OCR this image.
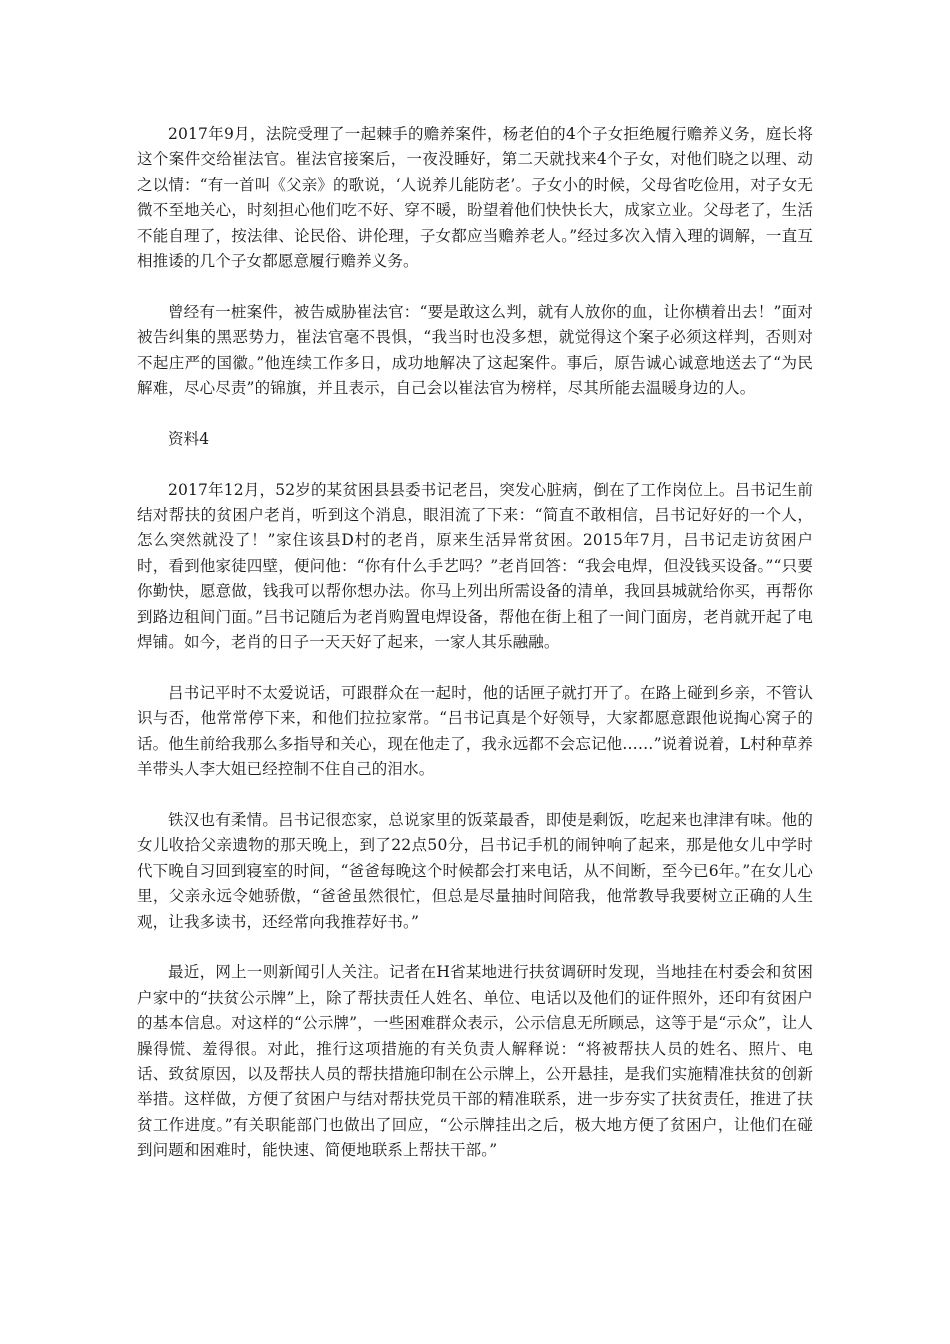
2017年9月，法院受理了一起棘手的赡养案件，杨老伯的4个子女拒绝履行赡养义务，庭长将这个案件交给崔法官。崔法官接案后，一夜没睡好，第二天就找来4个子女，对他们晓之以理、动之以情：“有一首叫《父亲》的歌说，‘人说养儿能防老’。子女小的时候，父母省吃俭用，对子女无微不至地关心，时刻担心他们吃不好、穿不暖，盼望着他们快快长大，成家立业。父母老了，生活不能自理了，按法律、论民俗、讲伦理，子女都应当赡养老人。”经过多次入情入理的调解，一直互相推诿的几个子女都愿意履行赡养义务。

曾经有一桩案件，被告威胁崔法官：“要是敢这么判，就有人放你的血，让你横着出去！”面对被告纠集的黑恶势力，崔法官毫不畏惧，“我当时也没多想，就觉得这个案子必须这样判，否则对不起庄严的国徽。”他连续工作多日，成功地解决了这起案件。事后，原告诚心诚意地送去了“为民解难，尽心尽责”的锦旗，并且表示，自己会以崔法官为榜样，尽其所能去温暖身边的人。

资料4

2017年12月，52岁的某贫困县县委书记老吕，突发心脏病，倒在了工作岗位上。吕书记生前结对帮扶的贫困户老肖，听到这个消息，眼泪流了下来：“简直不敢相信，吕书记好好的一个人，怎么突然就没了！”家住该县D村的老肖，原来生活异常贫困。2015年7月，吕书记走访贫困户时，看到他家徒四壁，便问他：“你有什么手艺吗？”老肖回答：“我会电焊，但没钱买设备。”“只要你勤快，愿意做，钱我可以帮你想办法。你马上列出所需设备的清单，我回县城就给你买，再帮你到路边租间门面。”吕书记随后为老肖购置电焊设备，帮他在街上租了一间门面房，老肖就开起了电焊铺。如今，老肖的日子一天天好了起来，一家人其乐融融。

吕书记平时不太爱说话，可跟群众在一起时，他的话匣子就打开了。在路上碰到乡亲，不管认识与否，他常常停下来，和他们拉拉家常。“吕书记真是个好领导，大家都愿意跟他说掏心窝子的话。他生前给我那么多指导和关心，现在他走了，我永远都不会忘记他……”说着说着，L村种草养羊带头人李大姐已经控制不住自己的泪水。

铁汉也有柔情。吕书记很恋家，总说家里的饭菜最香，即使是剩饭，吃起来也津津有味。他的女儿收拾父亲遗物的那天晚上，到了22点50分，吕书记手机的闹钟响了起来，那是他女儿中学时代下晚自习回到寝室的时间，“爸爸每晚这个时候都会打来电话，从不间断，至今已6年。”在女儿心里，父亲永远令她骄傲，“爸爸虽然很忙，但总是尽量抽时间陪我，他常教导我要树立正确的人生观，让我多读书，还经常向我推荐好书。”

最近，网上一则新闻引人关注。记者在H省某地进行扶贫调研时发现，当地挂在村委会和贫困户家中的“扶贫公示牌”上，除了帮扶责任人姓名、单位、电话以及他们的证件照外，还印有贫困户的基本信息。对这样的“公示牌”，一些困难群众表示，公示信息无所顾忌，这等于是“示众”，让人臊得慌、羞得很。对此，推行这项措施的有关负责人解释说：“将被帮扶人员的姓名、照片、电话、致贫原因，以及帮扶人员的帮扶措施印制在公示牌上，公开悬挂，是我们实施精准扶贫的创新举措。这样做，方便了贫困户与结对帮扶党员干部的精准联系，进一步夯实了扶贫责任，推进了扶贫工作进度。”有关职能部门也做出了回应，“公示牌挂出之后，极大地方便了贫困户，让他们在碰到问题和困难时，能快速、简便地联系上帮扶干部。”
